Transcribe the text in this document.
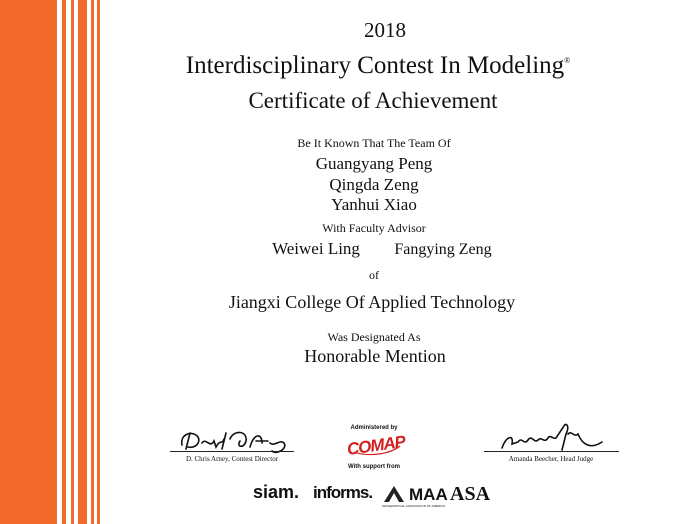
2018
Interdisciplinary Contest In Modeling®
Certificate of Achievement
Be It Known That The Team Of
Guangyang Peng
Qingda Zeng
Yanhui Xiao
With Faculty Advisor
Weiwei Ling Fangying Zeng
of
Jiangxi College Of Applied Technology
Was Designated As
Honorable Mention
D. Chris Arney, Contest Director
Administered by
COMAP
With support from
Amanda Beecher, Head Judge
siam. informs. MAA
MATHEMATICAL ASSOCIATION OF AMERICA
ASA
